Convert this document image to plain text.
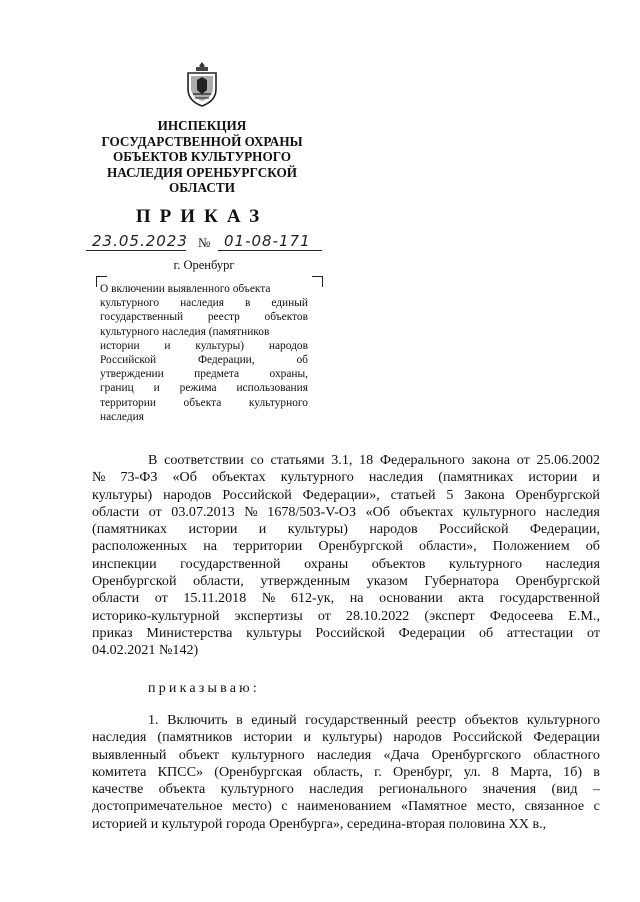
ИНСПЕКЦИЯ
ГОСУДАРСТВЕННОЙ ОХРАНЫ
ОБЪЕКТОВ КУЛЬТУРНОГО
НАСЛЕДИЯ ОРЕНБУРГСКОЙ
ОБЛАСТИ
ПРИКАЗ
23.05.2023 № 01-08-171
г. Оренбург
О включении выявленного объекта
культурного наследия в единый
государственный реестр объектов
культурного наследия (памятников
истории и культуры) народов
Российской	Федерации,	об
утверждении	предмета	охраны,
границ и режима использования
территории объекта культурного
наследия
В соответствии со статьями 3.1, 18 Федерального закона от 25.06.2002
№ 73-ФЗ «Об объектах культурного наследия (памятниках истории и
культуры) народов Российской Федерации», статьей 5 Закона Оренбургской
области от 03.07.2013 № 1678/503-V-ОЗ «Об объектах культурного наследия
(памятниках истории и культуры) народов Российской Федерации,
расположенных на территории Оренбургской области», Положением об
инспекции государственной охраны объектов культурного наследия
Оренбургской области, утвержденным указом Губернатора Оренбургской
области от 15.11.2018 № 612-ук, на основании акта государственной
историко-культурной экспертизы от 28.10.2022 (эксперт Федосеева Е.М.,
приказ Министерства культуры Российской Федерации об аттестации от
04.02.2021 №142)
приказываю:
1. Включить в единый государственный реестр объектов культурного
наследия (памятников истории и культуры) народов Российской Федерации
выявленный объект культурного наследия «Дача Оренбургского областного
комитета КПСС» (Оренбургская область, г. Оренбург, ул. 8 Марта, 1б) в
качестве объекта культурного наследия регионального значения (вид –
достопримечательное место) с наименованием «Памятное место, связанное с
историей и культурой города Оренбурга», середина-вторая половина XX в.,
